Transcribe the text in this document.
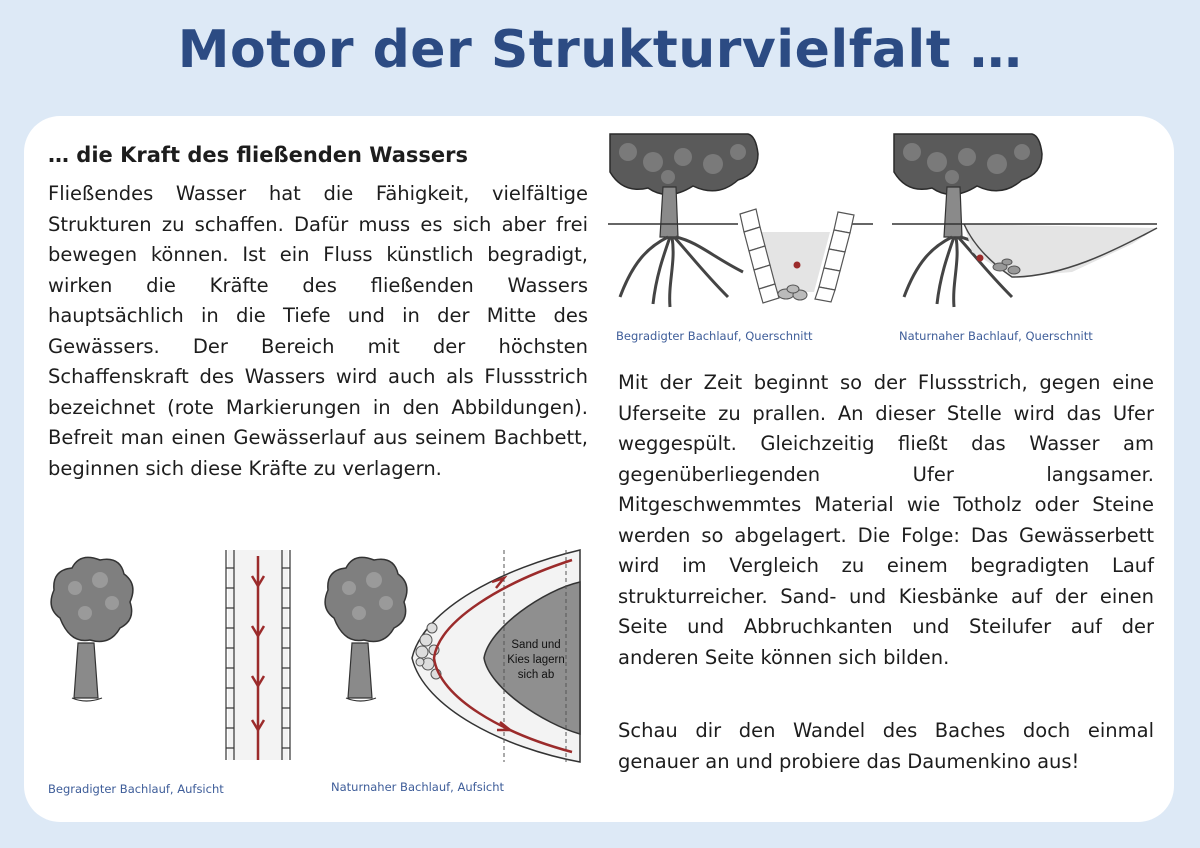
Motor der Strukturvielfalt …
… die Kraft des fließenden Wassers

Fließendes Wasser hat die Fähigkeit, vielfältige Strukturen zu schaffen. Dafür muss es sich aber frei bewegen können. Ist ein Fluss künstlich begradigt, wirken die Kräfte des fließenden Wassers hauptsächlich in die Tiefe und in der Mitte des Gewässers. Der Bereich mit der höchsten Schaffenskraft des Wassers wird auch als Flussstrich bezeichnet (rote Markierungen in den Abbildungen). Befreit man einen Gewässerlauf aus seinem Bachbett, beginnen sich diese Kräfte zu verlagern.

Mit der Zeit beginnt so der Flussstrich, gegen eine Uferseite zu prallen. An dieser Stelle wird das Ufer weggespült. Gleichzeitig fließt das Wasser am gegenüberliegenden Ufer langsamer. Mitgeschwemmtes Material wie Totholz oder Steine werden so abgelagert. Die Folge: Das Gewässerbett wird im Vergleich zu einem begradigten Lauf strukturreicher. Sand- und Kiesbänke auf der einen Seite und Abbruchkanten und Steilufer auf der anderen Seite können sich bilden.

Schau dir den Wandel des Baches doch einmal genauer an und probiere das Daumenkino aus!

Begradigter Bachlauf, Querschnitt	Naturnaher Bachlauf, Querschnitt
Begradigter Bachlauf, Aufsicht
Sand und
Kies lagern
sich ab
Naturnaher Bachlauf, Aufsicht
